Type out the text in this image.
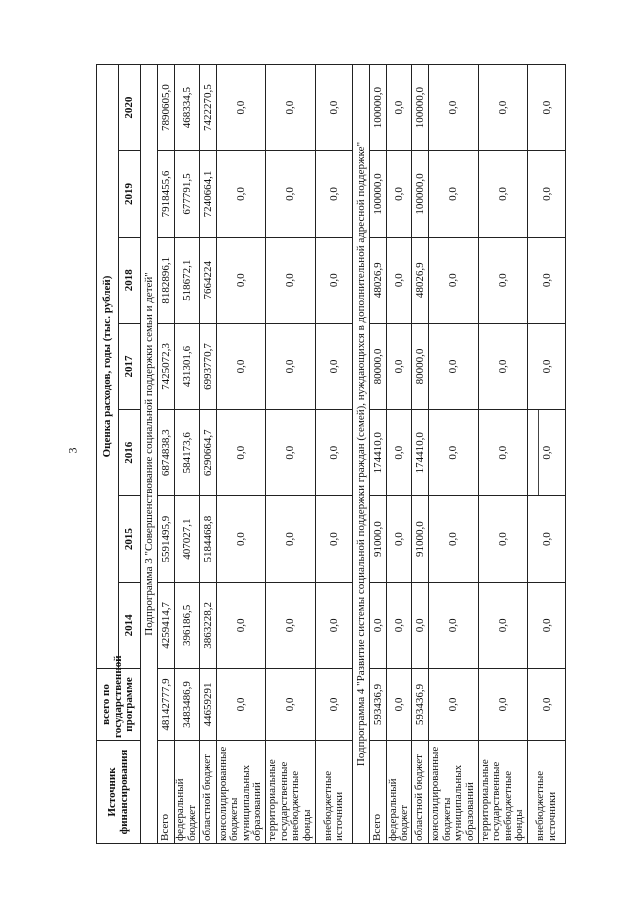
3
Источник финансирования	всего по государственной программе	Оценка расходов, годы (тыс. рублей)						
		2014	2015	2016	2017	2018	2019	2020
Подпрограмма 3 "Совершенствование социальной поддержки семьи и детей"								
Всего	48142777,9	4259414,7	5591495,9	6874838,3	7425072,3	8182896,1	7918455,6	7890605,0
федеральный бюджет	3483486,9	396186,5	407027,1	584173,6	431301,6	518672,1	677791,5	468334,5
областной бюджет	44659291	3863228,2	5184468,8	6290664,7	6993770,7	7664224	7240664,1	7422270,5
консолидированные бюджеты муниципальных образований	0,0	0,0	0,0	0,0	0,0	0,0	0,0	0,0
территориальные государственные внебюджетные фонды	0,0	0,0	0,0	0,0	0,0	0,0	0,0	0,0
внебюджетные источники	0,0	0,0	0,0	0,0	0,0	0,0	0,0	0,0
Подпрограмма 4 "Развитие системы социальной поддержки граждан (семей), нуждающихся в дополнительной адресной поддержке"								
Всего	593436,9	0,0	91000,0	174410,0	80000,0	48026,9	100000,0	100000,0
федеральный бюджет	0,0	0,0	0,0	0,0	0,0	0,0	0,0	0,0
областной бюджет	593436,9	0,0	91000,0	174410,0	80000,0	48026,9	100000,0	100000,0
консолидированные бюджеты муниципальных образований	0,0	0,0	0,0	0,0	0,0	0,0	0,0	0,0
территориальные государственные внебюджетные фонды	0,0	0,0	0,0	0,0	0,0	0,0	0,0	0,0
внебюджетные источники	0,0	0,0	0,0	0,0	0,0	0,0	0,0	0,0
